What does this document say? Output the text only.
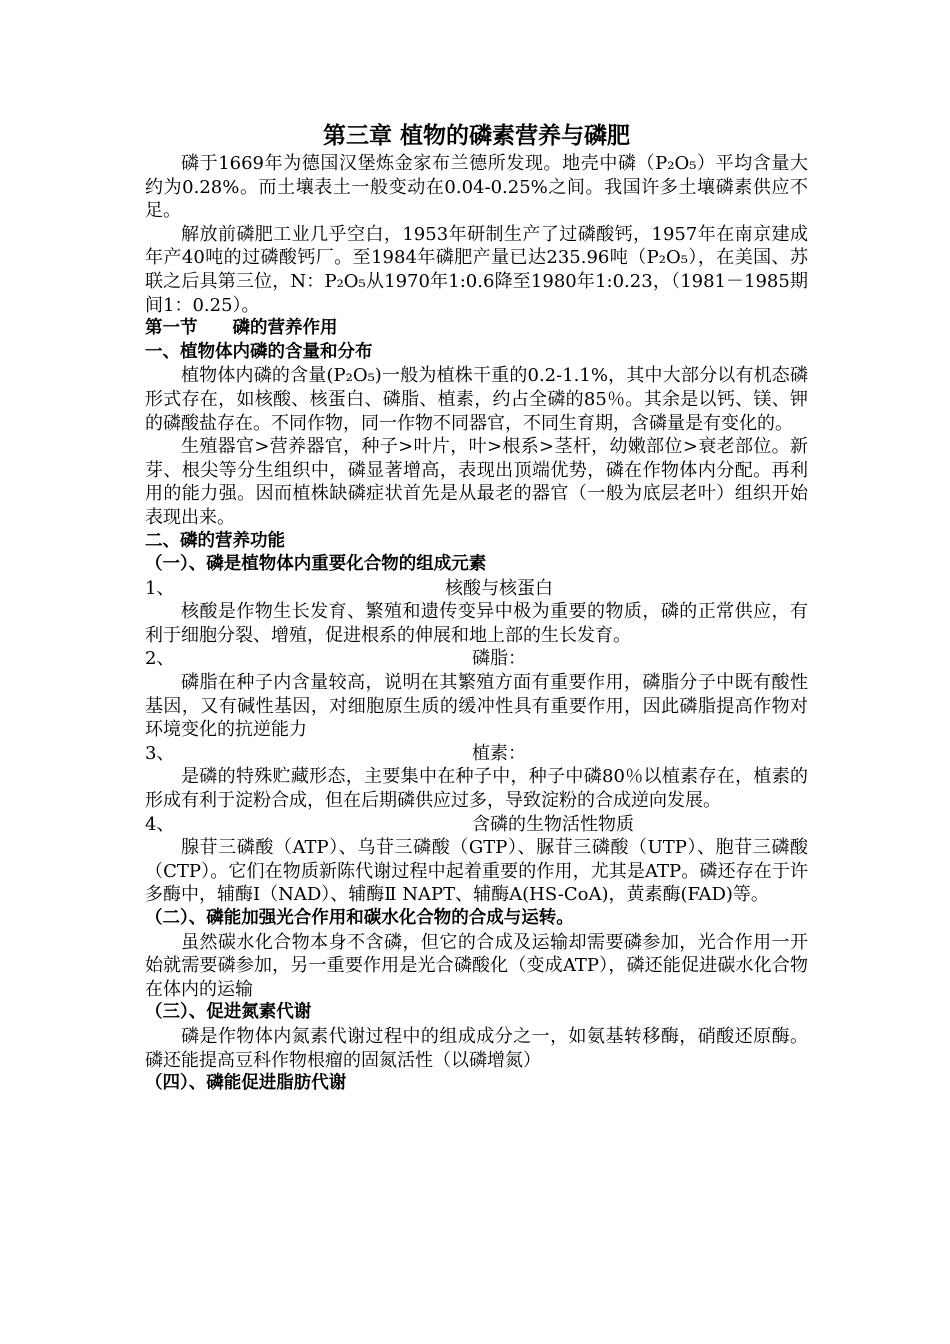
第三章 植物的磷素营养与磷肥

磷于1669年为德国汉堡炼金家布兰德所发现。地壳中磷（P₂O₅）平均含量大约为0.28%。而土壤表土一般变动在0.04-0.25%之间。我国许多土壤磷素供应不足。

解放前磷肥工业几乎空白，1953年研制生产了过磷酸钙，1957年在南京建成年产40吨的过磷酸钙厂。至1984年磷肥产量已达235.96吨（P₂O₅），在美国、苏联之后具第三位，N：P₂O₅从1970年1:0.6降至1980年1:0.23，（1981－1985期间1：0.25）。

第一节　　磷的营养作用
一、植物体内磷的含量和分布

植物体内磷的含量(P₂O₅)一般为植株干重的0.2-1.1%，其中大部分以有机态磷形式存在，如核酸、核蛋白、磷脂、植素，约占全磷的85％。其余是以钙、镁、钾的磷酸盐存在。不同作物，同一作物不同器官，不同生育期，含磷量是有变化的。

生殖器官>营养器官，种子>叶片，叶>根系>茎杆，幼嫩部位>衰老部位。新芽、根尖等分生组织中，磷显著增高，表现出顶端优势，磷在作物体内分配。再利用的能力强。因而植株缺磷症状首先是从最老的器官（一般为底层老叶）组织开始表现出来。

二、磷的营养功能
（一）、磷是植物体内重要化合物的组成元素
1、	核酸与核蛋白

核酸是作物生长发育、繁殖和遗传变异中极为重要的物质，磷的正常供应，有利于细胞分裂、增殖，促进根系的伸展和地上部的生长发育。

2、	磷脂：

磷脂在种子内含量较高，说明在其繁殖方面有重要作用，磷脂分子中既有酸性基因，又有碱性基因，对细胞原生质的缓冲性具有重要作用，因此磷脂提高作物对环境变化的抗逆能力

3、	植素：

是磷的特殊贮藏形态，主要集中在种子中，种子中磷80％以植素存在，植素的形成有利于淀粉合成，但在后期磷供应过多，导致淀粉的合成逆向发展。

4、	含磷的生物活性物质

腺苷三磷酸（ATP）、乌苷三磷酸（GTP）、脲苷三磷酸（UTP）、胞苷三磷酸（CTP）。它们在物质新陈代谢过程中起着重要的作用，尤其是ATP。磷还存在于许多酶中，辅酶Ⅰ（NAD）、辅酶Ⅱ NAPT、辅酶A(HS-CoA)，黄素酶(FAD)等。

（二）、磷能加强光合作用和碳水化合物的合成与运转。

虽然碳水化合物本身不含磷，但它的合成及运输却需要磷参加，光合作用一开始就需要磷参加，另一重要作用是光合磷酸化（变成ATP），磷还能促进碳水化合物在体内的运输

（三）、促进氮素代谢

磷是作物体内氮素代谢过程中的组成成分之一，如氨基转移酶，硝酸还原酶。磷还能提高豆科作物根瘤的固氮活性（以磷增氮）

（四）、磷能促进脂肪代谢
